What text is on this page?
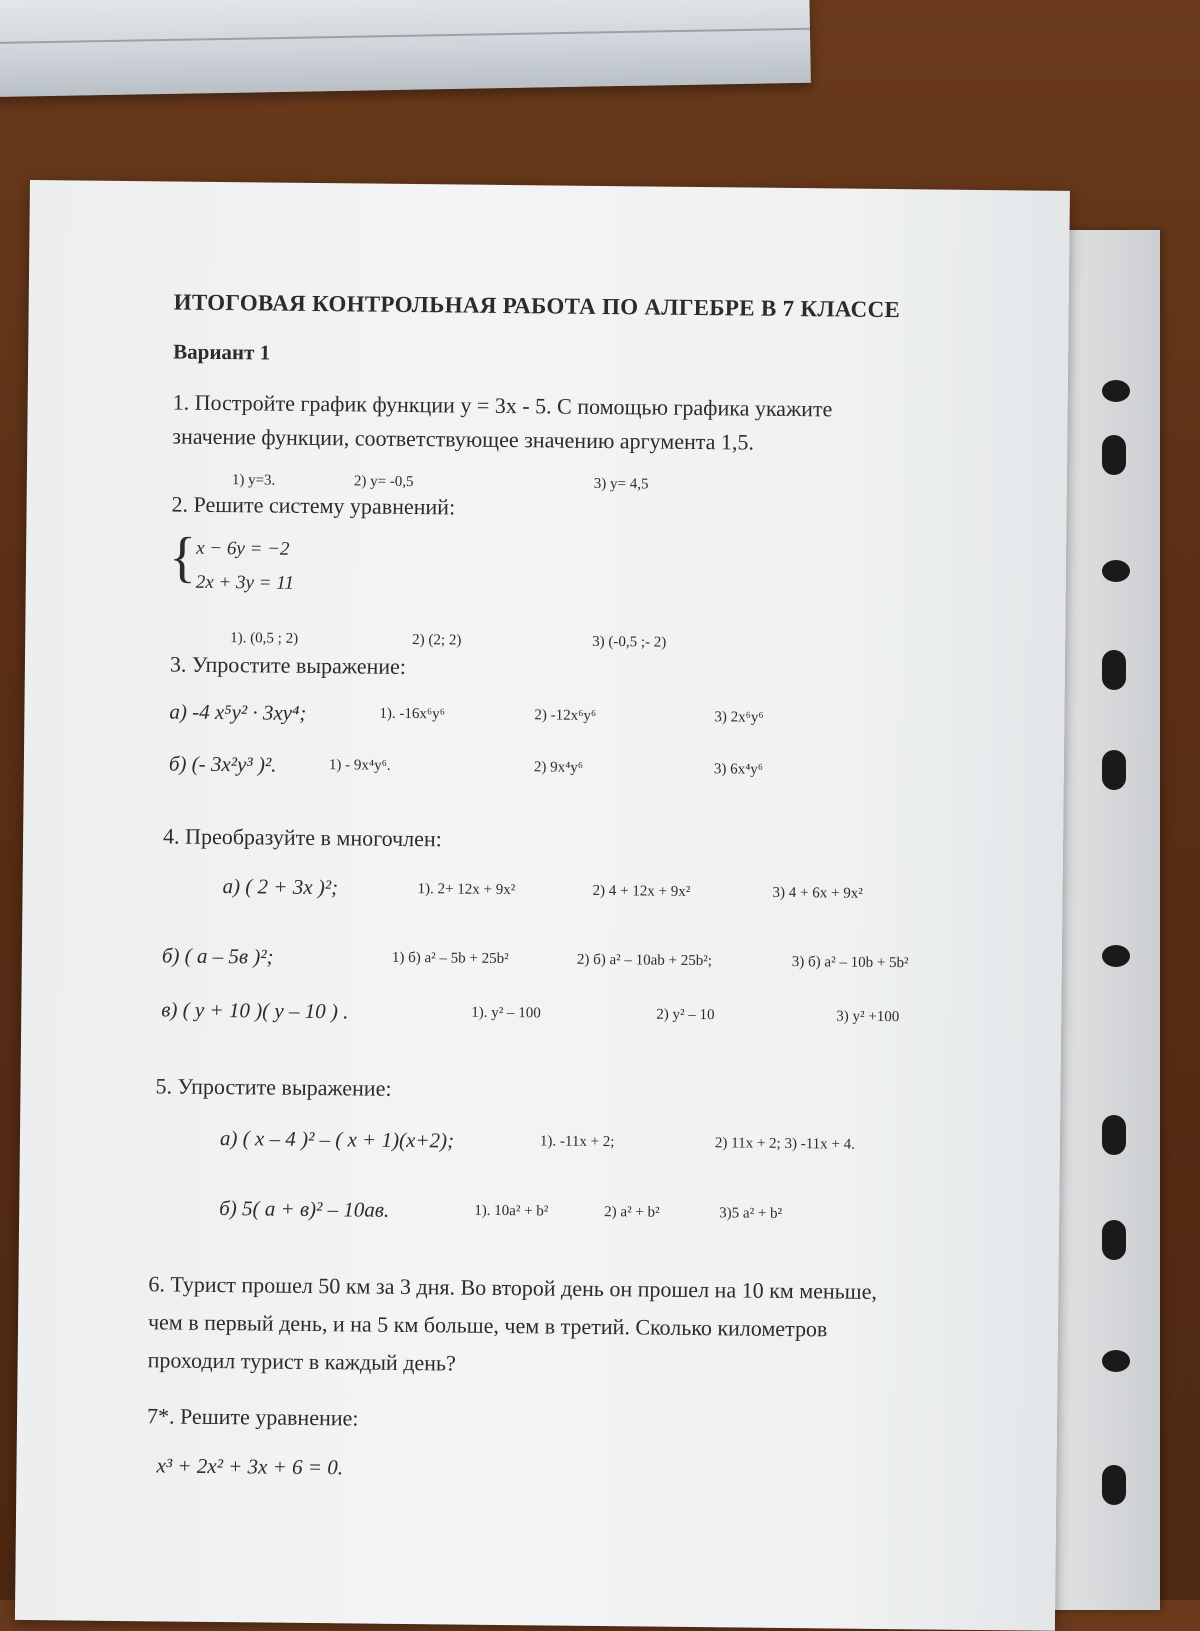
ИТОГОВАЯ КОНТРОЛЬНАЯ РАБОТА ПО АЛГЕБРЕ В 7 КЛАССЕ
Вариант 1
1. Постройте график функции y = 3x - 5. С помощью графика укажите
значение функции, соответствующее значению аргумента 1,5.
1) y=3.	2) y= -0,5	3) y= 4,5
2. Решите систему уравнений:
{ x − 6y = −2
2x + 3y = 11
1). (0,5 ; 2)	2) (2; 2)	3) (-0,5 ;- 2)
3. Упростите выражение:
а) -4 x⁵y² · 3xy⁴;	1). -16x⁶y⁶	2) -12x⁶y⁶	3) 2x⁶y⁶
б) (- 3x²y³ )².	1) - 9x⁴y⁶.	2) 9x⁴y⁶	3) 6x⁴y⁶
4. Преобразуйте в многочлен:
а) ( 2 + 3x )²;	1). 2+ 12x + 9x²	2) 4 + 12x + 9x²	3) 4 + 6x + 9x²
б) ( a – 5в )²;	1) б) a² – 5b + 25b²	2) б) a² – 10ab + 25b²;	3) б) a² – 10b + 5b²
в) ( y + 10 )( y – 10 ) .	1). y² – 100	2) y² – 10	3) y² +100
5. Упростите выражение:
а) ( x – 4 )² – ( x + 1)(x+2);	1). -11x + 2;	2) 11x + 2; 3) -11x + 4.
б) 5( a + в)² – 10ав.	1). 10a² + b²	2) a² + b²	3)5 a² + b²
6. Турист прошел 50 км за 3 дня. Во второй день он прошел на 10 км меньше,
чем в первый день, и на 5 км больше, чем в третий. Сколько километров
проходил турист в каждый день?
7*. Решите уравнение:
x³ + 2x² + 3x + 6 = 0.
